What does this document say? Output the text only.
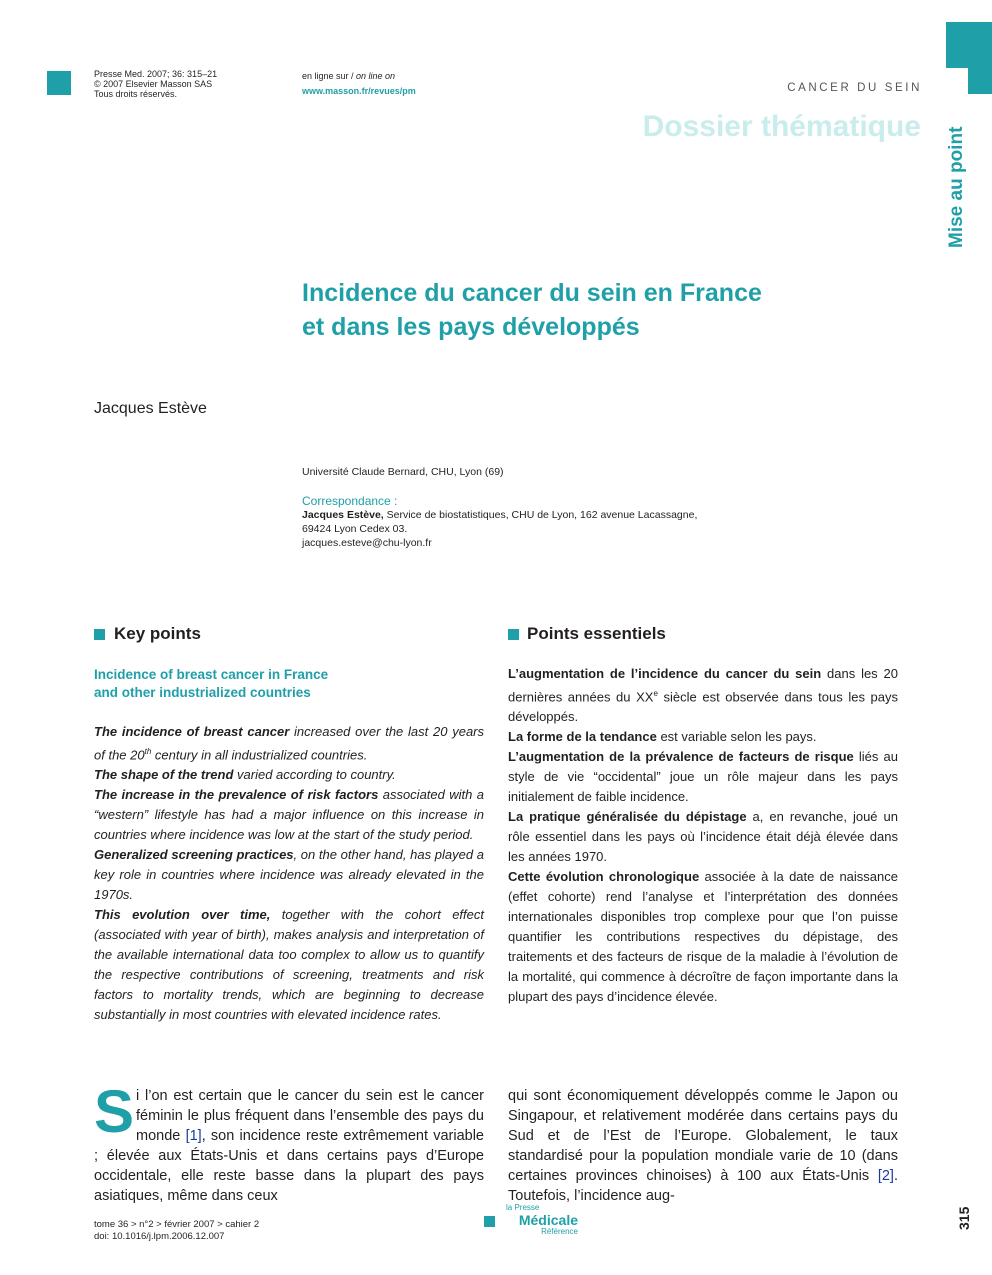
Presse Med. 2007; 36: 315–21
© 2007 Elsevier Masson SAS
Tous droits réservés.
en ligne sur / on line on
www.masson.fr/revues/pm	CANCER DU SEIN
Dossier thématique
Mise au point
Incidence du cancer du sein en France
et dans les pays développés
Jacques Estève
Université Claude Bernard, CHU, Lyon (69)
Correspondance :
Jacques Estève, Service de biostatistiques, CHU de Lyon, 162 avenue Lacassagne,
69424 Lyon Cedex 03.
jacques.esteve@chu-lyon.fr
Key points
Incidence of breast cancer in France
and other industrialized countries

The incidence of breast cancer increased over the last 20 years of the 20th century in all industrialized countries.

The shape of the trend varied according to country.

The increase in the prevalence of risk factors associated with a “western” lifestyle has had a major influence on this increase in countries where incidence was low at the start of the study period.

Generalized screening practices, on the other hand, has played a key role in countries where incidence was already elevated in the 1970s.

This evolution over time, together with the cohort effect (associated with year of birth), makes analysis and interpretation of the available international data too complex to allow us to quantify the respective contributions of screening, treatments and risk factors to mortality trends, which are beginning to decrease substantially in most countries with elevated incidence rates.

Points essentiels

L’augmentation de l’incidence du cancer du sein dans les 20 dernières années du XXe siècle est observée dans tous les pays développés.

La forme de la tendance est variable selon les pays.

L’augmentation de la prévalence de facteurs de risque liés au style de vie “occidental” joue un rôle majeur dans les pays initialement de faible incidence.

La pratique généralisée du dépistage a, en revanche, joué un rôle essentiel dans les pays où l’incidence était déjà élevée dans les années 1970.

Cette évolution chronologique associée à la date de naissance (effet cohorte) rend l’analyse et l’interprétation des données internationales disponibles trop complexe pour que l’on puisse quantifier les contributions respectives du dépistage, des traitements et des facteurs de risque de la maladie à l’évolution de la mortalité, qui commence à décroître de façon importante dans la plupart des pays d’incidence élevée.

Si l’on est certain que le cancer du sein est le cancer féminin le plus fréquent dans l’ensemble des pays du monde [1], son incidence reste extrêmement variable ; élevée aux États-Unis et dans certains pays d’Europe occidentale, elle reste basse dans la plupart des pays asiatiques, même dans ceux
qui sont économiquement développés comme le Japon ou Singapour, et relativement modérée dans certains pays du Sud et de l’Est de l’Europe. Globalement, le taux standardisé pour la population mondiale varie de 10 (dans certaines provinces chinoises) à 100 aux États-Unis [2]. Toutefois, l’incidence aug-
tome 36 > n°2 > février 2007 > cahier 2
doi: 10.1016/j.lpm.2006.12.007
la Presse
Médicale
Référence
315
